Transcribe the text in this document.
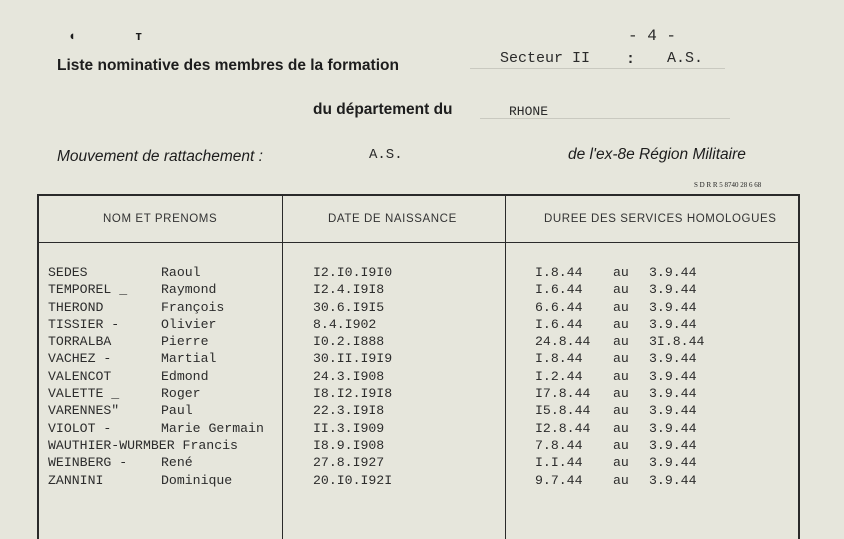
◖ ᴛ	- 4 -
Liste nominative des membres de la formation	Secteur II : A.S.
du département du	RHONE
Mouvement de rattachement :	A.S.	de l'ex-8e Région Militaire
S D R R 5 8740 28 6 68
NOM ET PRENOMS	DATE DE NAISSANCE	DUREE DES SERVICES HOMOLOGUES
SEDES	Raoul	I2.I0.I9I0	I.8.44 au 3.9.44
TEMPOREL _	Raymond	I2.4.I9I8	I.6.44 au 3.9.44
THEROND	François	30.6.I9I5	6.6.44 au 3.9.44
TISSIER -	Olivier	8.4.I902	I.6.44 au 3.9.44
TORRALBA	Pierre	I0.2.I888	24.8.44 au 3I.8.44
VACHEZ -	Martial	30.II.I9I9	I.8.44 au 3.9.44
VALENCOT	Edmond	24.3.I908	I.2.44 au 3.9.44
VALETTE _	Roger	I8.I2.I9I8	I7.8.44 au 3.9.44
VARENNES"	Paul	22.3.I9I8	I5.8.44 au 3.9.44
VIOLOT -	Marie Germain	II.3.I909	I2.8.44 au 3.9.44
WAUTHIER-WURMBER Francis	I8.9.I908	7.8.44 au 3.9.44
WEINBERG -	René	27.8.I927	I.I.44 au 3.9.44
ZANNINI	Dominique	20.I0.I92I	9.7.44 au 3.9.44
